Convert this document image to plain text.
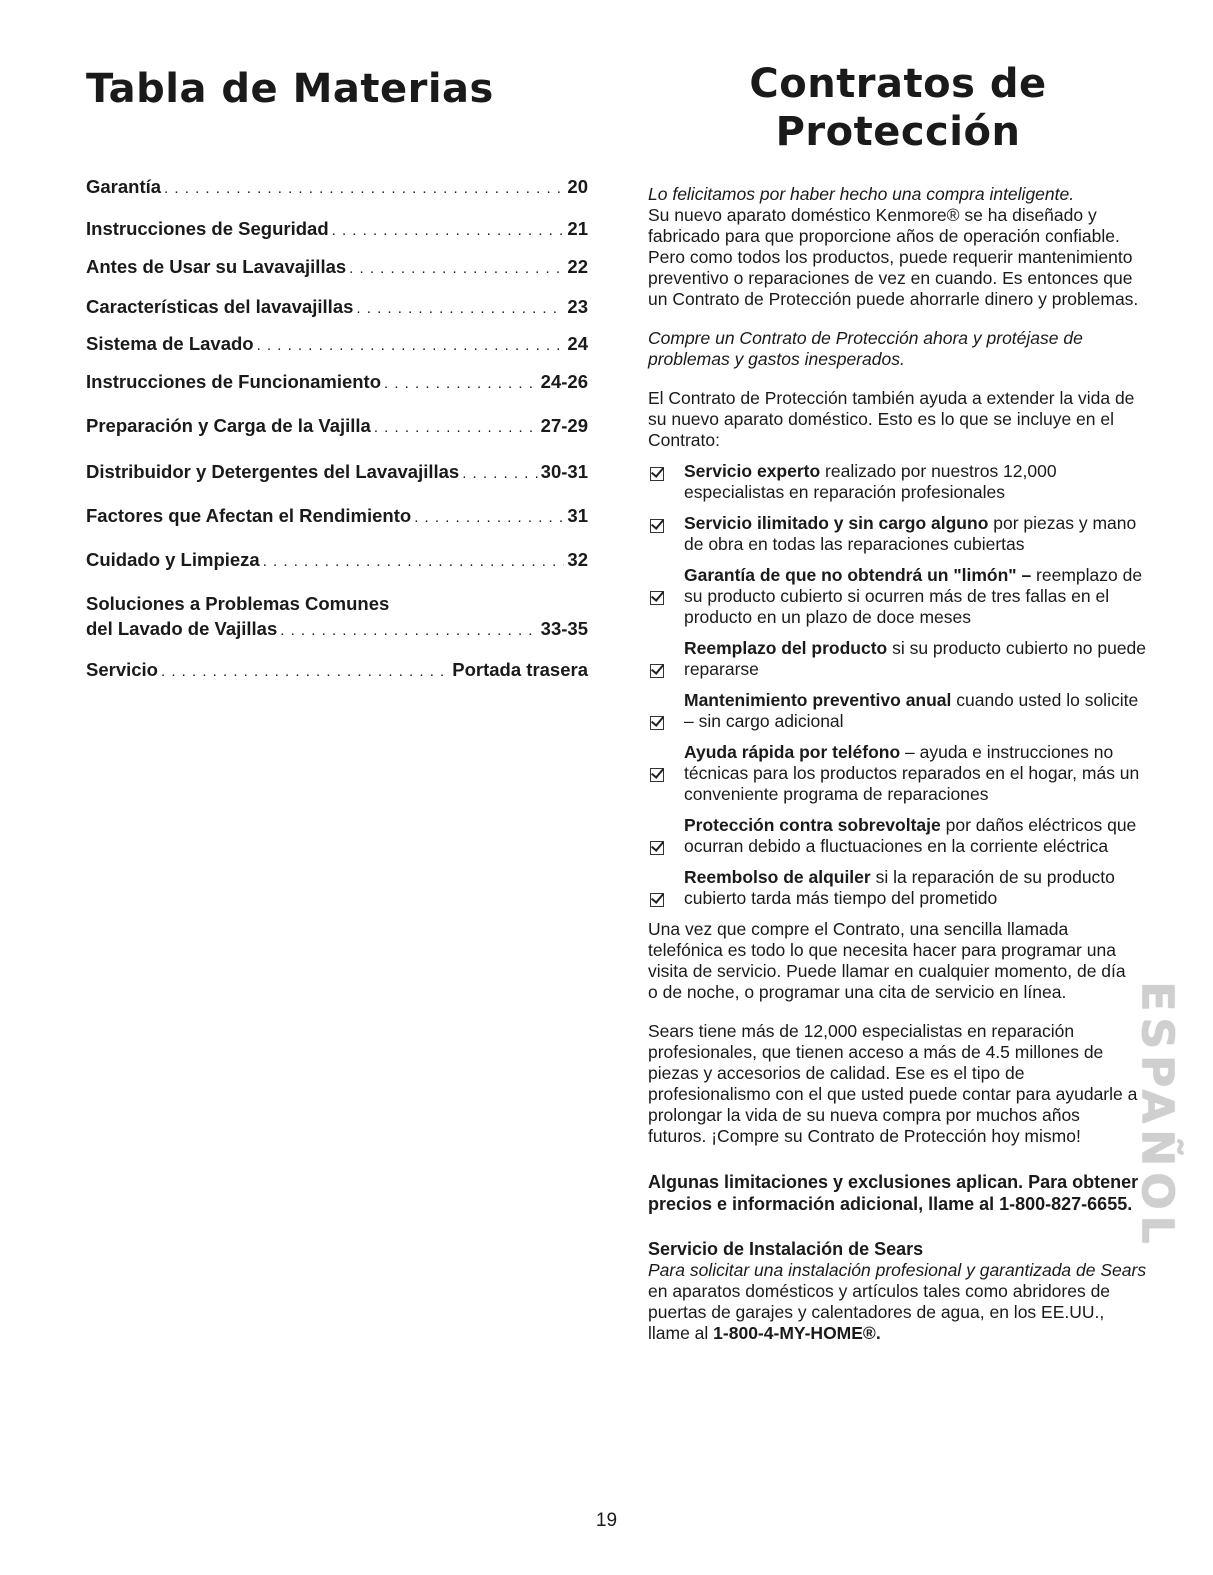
Tabla de Materias
Garantía . . .	20
Instrucciones de Seguridad . . .	21
Antes de Usar su Lavavajillas . . .	22
Características del lavavajillas . . .	23
Sistema de Lavado . . .	24
Instrucciones de Funcionamiento . . .	24-26
Preparación y Carga de la Vajilla . . .	27-29
Distribuidor y Detergentes del Lavavajillas . . .	30-31
Factores que Afectan el Rendimiento . . .	31
Cuidado y Limpieza . . .	32
Soluciones a Problemas Comunes
del Lavado de Vajillas . . .	33-35
Servicio . . .	Portada trasera
Contratos de
Protección

Lo felicitamos por haber hecho una compra inteligente.
Su nuevo aparato doméstico Kenmore® se ha diseñado y fabricado para que proporcione años de operación confiable. Pero como todos los productos, puede requerir mantenimiento preventivo o reparaciones de vez en cuando. Es entonces que un Contrato de Protección puede ahorrarle dinero y problemas.

Compre un Contrato de Protección ahora y protéjase de problemas y gastos inesperados.

El Contrato de Protección también ayuda a extender la vida de su nuevo aparato doméstico. Esto es lo que se incluye en el Contrato:

Servicio experto realizado por nuestros 12,000 especialistas en reparación profesionales
Servicio ilimitado y sin cargo alguno por piezas y mano de obra en todas las reparaciones cubiertas
Garantía de que no obtendrá un "limón" – reemplazo de su producto cubierto si ocurren más de tres fallas en el producto en un plazo de doce meses
Reemplazo del producto si su producto cubierto no puede repararse
Mantenimiento preventivo anual cuando usted lo solicite – sin cargo adicional
Ayuda rápida por teléfono – ayuda e instrucciones no técnicas para los productos reparados en el hogar, más un conveniente programa de reparaciones
Protección contra sobrevoltaje por daños eléctricos que ocurran debido a fluctuaciones en la corriente eléctrica
Reembolso de alquiler si la reparación de su producto cubierto tarda más tiempo del prometido

Una vez que compre el Contrato, una sencilla llamada telefónica es todo lo que necesita hacer para programar una visita de servicio. Puede llamar en cualquier momento, de día o de noche, o programar una cita de servicio en línea.

Sears tiene más de 12,000 especialistas en reparación profesionales, que tienen acceso a más de 4.5 millones de piezas y accesorios de calidad. Ese es el tipo de profesionalismo con el que usted puede contar para ayudarle a prolongar la vida de su nueva compra por muchos años futuros. ¡Compre su Contrato de Protección hoy mismo!

Algunas limitaciones y exclusiones aplican. Para obtener precios e información adicional, llame al 1-800-827-6655.

Servicio de Instalación de Sears

Para solicitar una instalación profesional y garantizada de Sears en aparatos domésticos y artículos tales como abridores de puertas de garajes y calentadores de agua, en los EE.UU., llame al 1-800-4-MY-HOME®.

ESPAÑOL
19
